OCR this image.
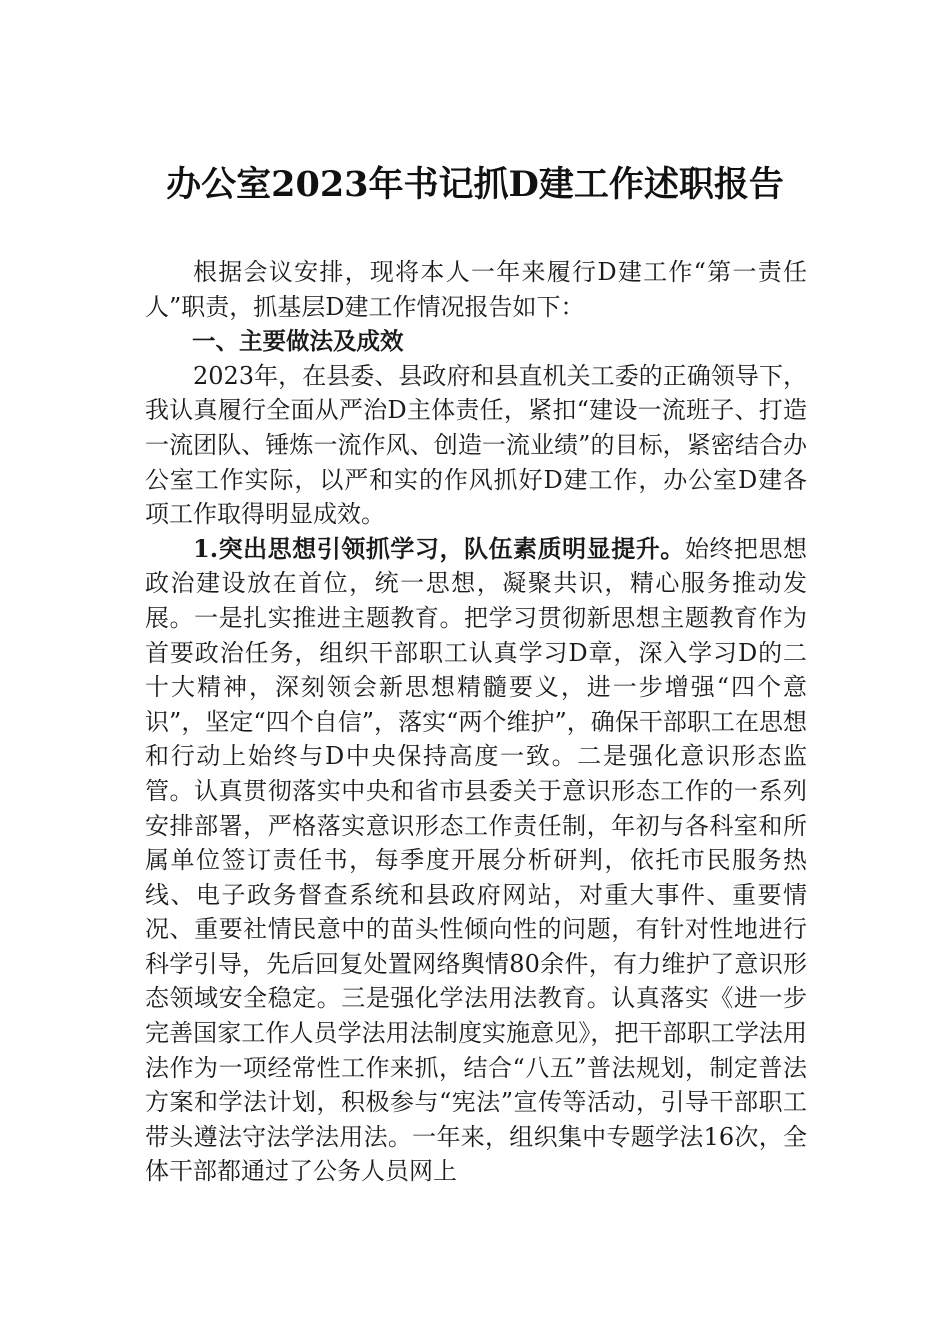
办公室2023年书记抓D建工作述职报告

根据会议安排，现将本人一年来履行D建工作“第一责任人”职责，抓基层D建工作情况报告如下：

一、主要做法及成效

2023年，在县委、县政府和县直机关工委的正确领导下，我认真履行全面从严治D主体责任，紧扣“建设一流班子、打造一流团队、锤炼一流作风、创造一流业绩”的目标，紧密结合办公室工作实际，以严和实的作风抓好D建工作，办公室D建各项工作取得明显成效。

1.突出思想引领抓学习，队伍素质明显提升。始终把思想政治建设放在首位，统一思想，凝聚共识，精心服务推动发展。一是扎实推进主题教育。把学习贯彻新思想主题教育作为首要政治任务，组织干部职工认真学习D章，深入学习D的二十大精神，深刻领会新思想精髓要义，进一步增强“四个意识”，坚定“四个自信”，落实“两个维护”，确保干部职工在思想和行动上始终与D中央保持高度一致。二是强化意识形态监管。认真贯彻落实中央和省市县委关于意识形态工作的一系列安排部署，严格落实意识形态工作责任制，年初与各科室和所属单位签订责任书，每季度开展分析研判，依托市民服务热线、电子政务督查系统和县政府网站，对重大事件、重要情况、重要社情民意中的苗头性倾向性的问题，有针对性地进行科学引导，先后回复处置网络舆情80余件，有力维护了意识形态领域安全稳定。三是强化学法用法教育。认真落实《进一步完善国家工作人员学法用法制度实施意见》，把干部职工学法用法作为一项经常性工作来抓，结合“八五”普法规划，制定普法方案和学法计划，积极参与“宪法”宣传等活动，引导干部职工带头遵法守法学法用法。一年来，组织集中专题学法16次，全体干部都通过了公务人员网上
